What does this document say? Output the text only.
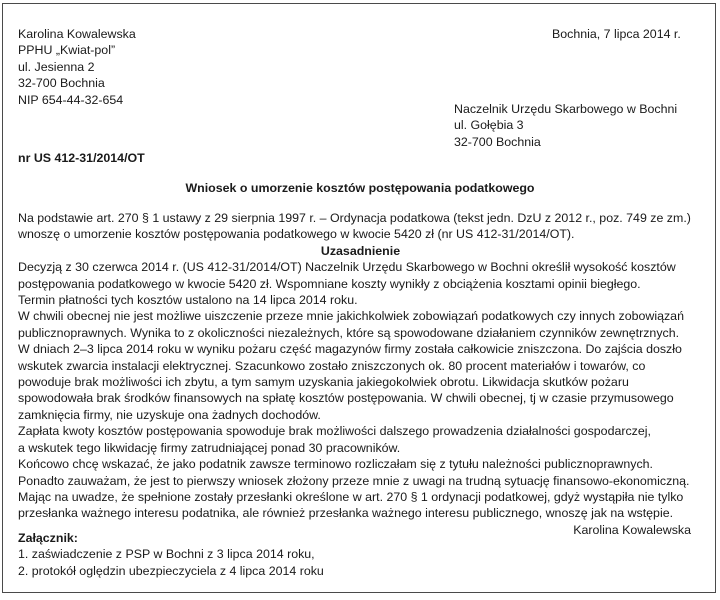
Karolina Kowalewska
PPHU „Kwiat-pol”
ul. Jesienna 2
32-700 Bochnia
NIP 654-44-32-654
Bochnia, 7 lipca 2014 r.
Naczelnik Urzędu Skarbowego w Bochni
ul. Gołębia 3
32-700 Bochnia
nr US 412-31/2014/OT
Wniosek o umorzenie kosztów postępowania podatkowego
Na podstawie art. 270 § 1 ustawy z 29 sierpnia 1997 r. – Ordynacja podatkowa (tekst jedn. DzU z 2012 r., poz. 749 ze zm.)
wnoszę o umorzenie kosztów postępowania podatkowego w kwocie 5420 zł (nr US 412-31/2014/OT).
Uzasadnienie
Decyzją z 30 czerwca 2014 r. (US 412-31/2014/OT) Naczelnik Urzędu Skarbowego w Bochni określił wysokość kosztów
postępowania podatkowego w kwocie 5420 zł. Wspomniane koszty wynikły z obciążenia kosztami opinii biegłego.
Termin płatności tych kosztów ustalono na 14 lipca 2014 roku.
W chwili obecnej nie jest możliwe uiszczenie przeze mnie jakichkolwiek zobowiązań podatkowych czy innych zobowiązań
publicznoprawnych. Wynika to z okoliczności niezależnych, które są spowodowane działaniem czynników zewnętrznych.
W dniach 2–3 lipca 2014 roku w wyniku pożaru część magazynów firmy została całkowicie zniszczona. Do zajścia doszło
wskutek zwarcia instalacji elektrycznej. Szacunkowo zostało zniszczonych ok. 80 procent materiałów i towarów, co
powoduje brak możliwości ich zbytu, a tym samym uzyskania jakiegokolwiek obrotu. Likwidacja skutków pożaru
spowodowała brak środków finansowych na spłatę kosztów postępowania. W chwili obecnej, tj w czasie przymusowego
zamknięcia firmy, nie uzyskuje ona żadnych dochodów.
Zapłata kwoty kosztów postępowania spowoduje brak możliwości dalszego prowadzenia działalności gospodarczej,
a wskutek tego likwidację firmy zatrudniającej ponad 30 pracowników.
Końcowo chcę wskazać, że jako podatnik zawsze terminowo rozliczałam się z tytułu należności publicznoprawnych.
Ponadto zauważam, że jest to pierwszy wniosek złożony przeze mnie z uwagi na trudną sytuację finansowo-ekonomiczną.
Mając na uwadze, że spełnione zostały przesłanki określone w art. 270 § 1 ordynacji podatkowej, gdyż wystąpiła nie tylko
przesłanka ważnego interesu podatnika, ale również przesłanka ważnego interesu publicznego, wnoszę jak na wstępie.
Karolina Kowalewska
Załącznik:
1. zaświadczenie z PSP w Bochni z 3 lipca 2014 roku,
2. protokół oględzin ubezpieczyciela z 4 lipca 2014 roku
